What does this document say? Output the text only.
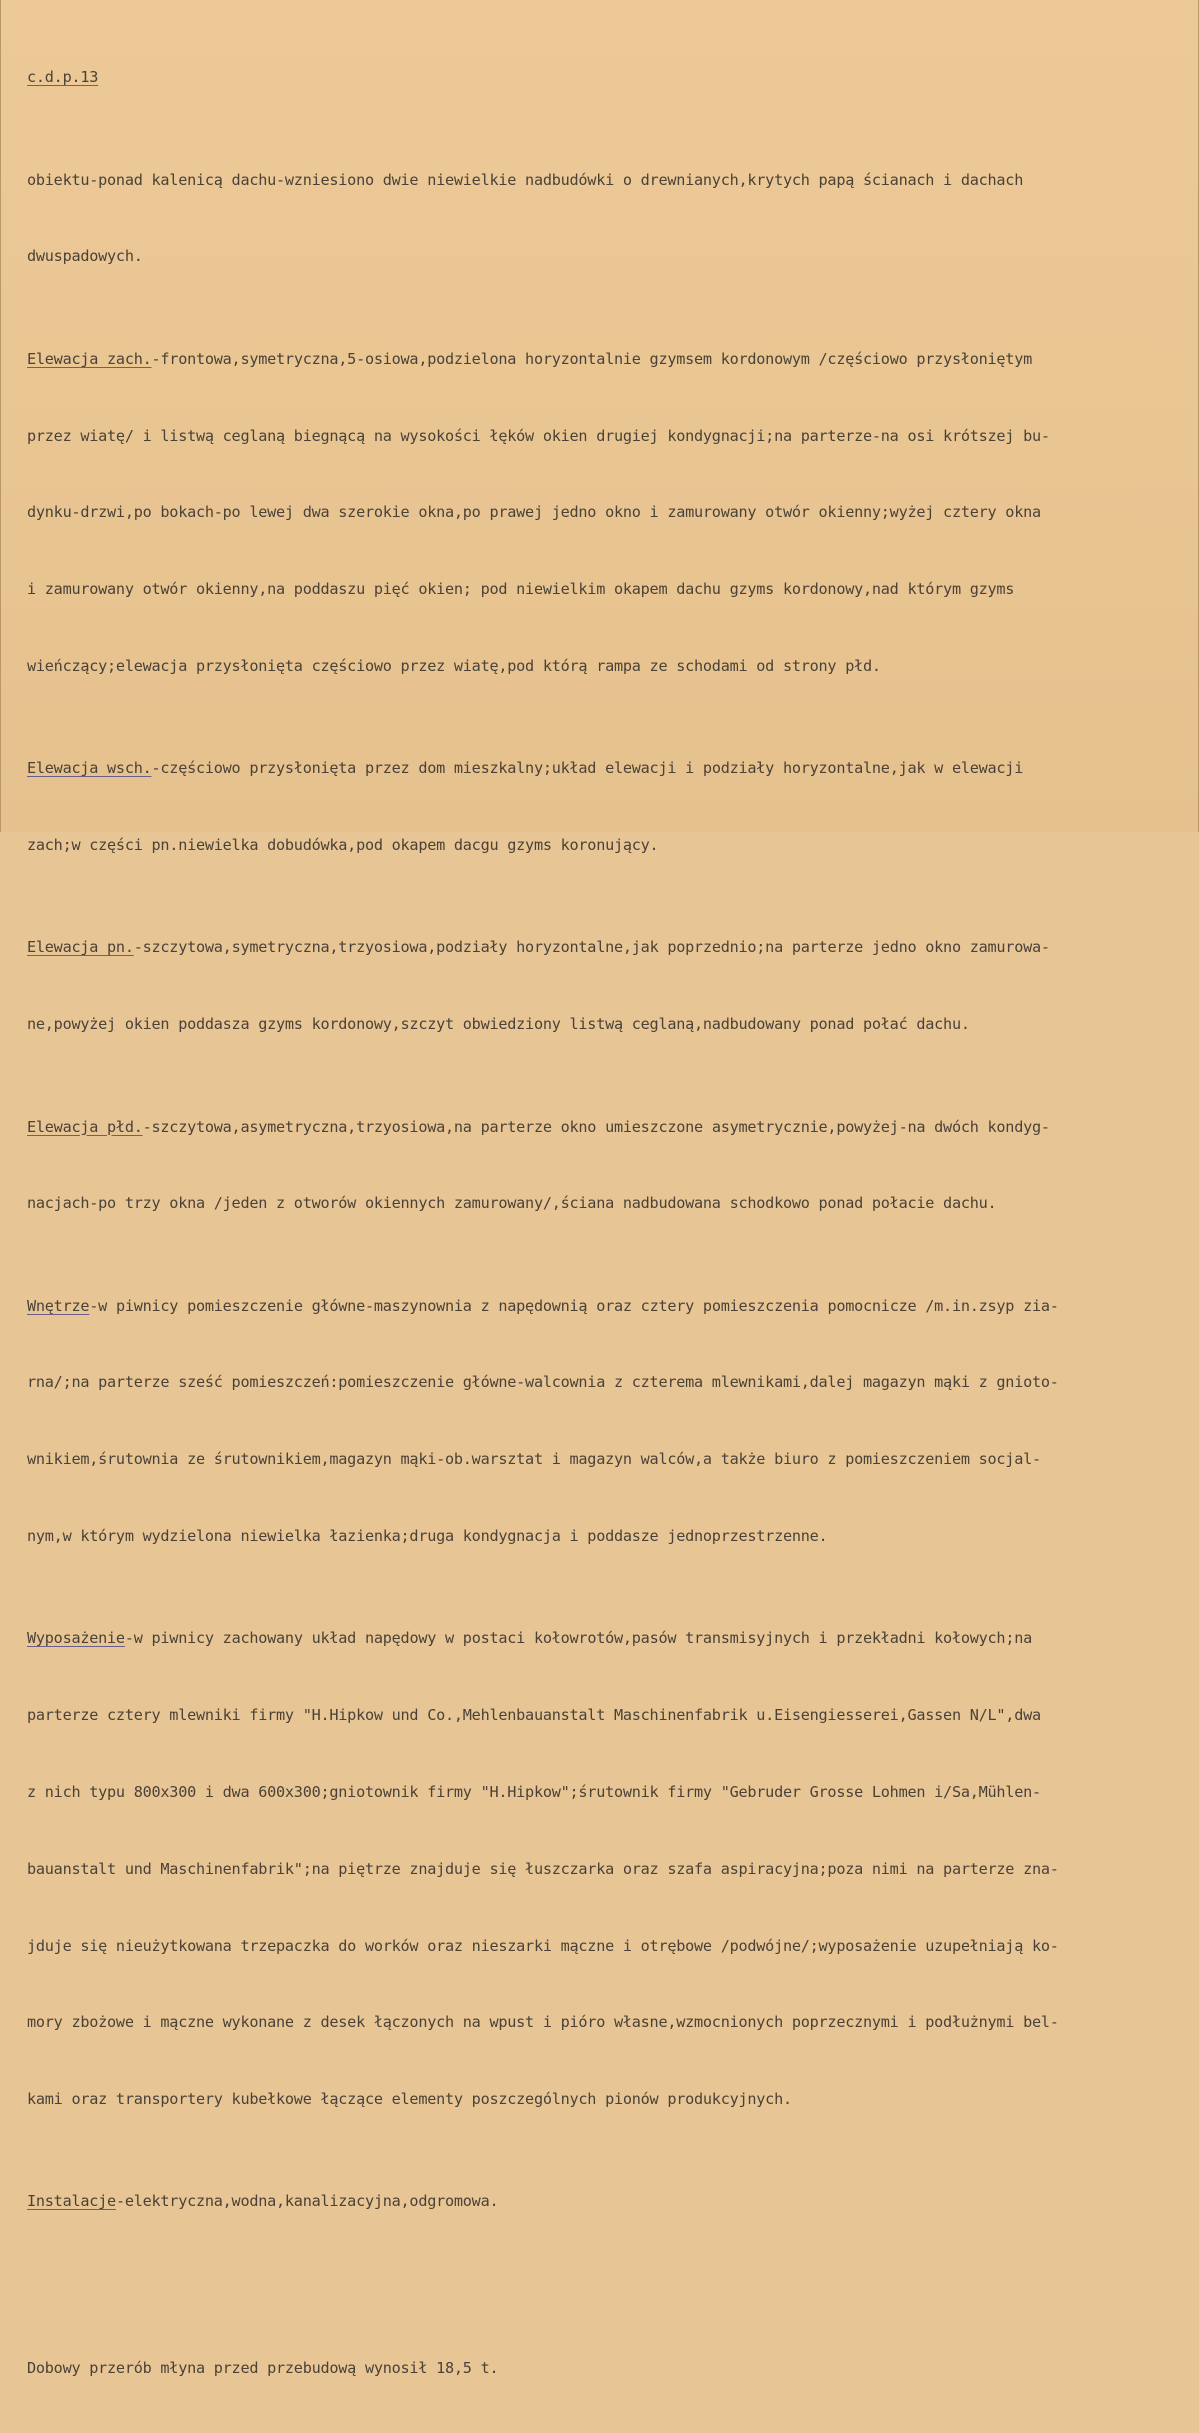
c.d.p.13

obiektu-ponad kalenicą dachu-wzniesiono dwie niewielkie nadbudówki o drewnianych,krytych papą ścianach i dachach

dwuspadowych.

Elewacja zach.-frontowa,symetryczna,5-osiowa,podzielona horyzontalnie gzymsem kordonowym /częściowo przysłoniętym

przez wiatę/ i listwą ceglaną biegnącą na wysokości łęków okien drugiej kondygnacji;na parterze-na osi krótszej bu-

dynku-drzwi,po bokach-po lewej dwa szerokie okna,po prawej jedno okno i zamurowany otwór okienny;wyżej cztery okna

i zamurowany otwór okienny,na poddaszu pięć okien; pod niewielkim okapem dachu gzyms kordonowy,nad którym gzyms

wieńczący;elewacja przysłonięta częściowo przez wiatę,pod którą rampa ze schodami od strony płd.

Elewacja wsch.-częściowo przysłonięta przez dom mieszkalny;układ elewacji i podziały horyzontalne,jak w elewacji

zach;w części pn.niewielka dobudówka,pod okapem dacgu gzyms koronujący.

Elewacja pn.-szczytowa,symetryczna,trzyosiowa,podziały horyzontalne,jak poprzednio;na parterze jedno okno zamurowa-

ne,powyżej okien poddasza gzyms kordonowy,szczyt obwiedziony listwą ceglaną,nadbudowany ponad połać dachu.

Elewacja płd.-szczytowa,asymetryczna,trzyosiowa,na parterze okno umieszczone asymetrycznie,powyżej-na dwóch kondyg-

nacjach-po trzy okna /jeden z otworów okiennych zamurowany/,ściana nadbudowana schodkowo ponad połacie dachu.

Wnętrze-w piwnicy pomieszczenie główne-maszynownia z napędownią oraz cztery pomieszczenia pomocnicze /m.in.zsyp zia-

rna/;na parterze sześć pomieszczeń:pomieszczenie główne-walcownia z czterema mlewnikami,dalej magazyn mąki z gnioto-

wnikiem,śrutownia ze śrutownikiem,magazyn mąki-ob.warsztat i magazyn walców,a także biuro z pomieszczeniem socjal-

nym,w którym wydzielona niewielka łazienka;druga kondygnacja i poddasze jednoprzestrzenne.

Wyposażenie-w piwnicy zachowany układ napędowy w postaci kołowrotów,pasów transmisyjnych i przekładni kołowych;na

parterze cztery mlewniki firmy "H.Hipkow und Co.,Mehlenbauanstalt Maschinenfabrik u.Eisengiesserei,Gassen N/L",dwa

z nich typu 800x300 i dwa 600x300;gniotownik firmy "H.Hipkow";śrutownik firmy "Gebruder Grosse Lohmen i/Sa,Mühlen-

bauanstalt und Maschinenfabrik";na piętrze znajduje się łuszczarka oraz szafa aspiracyjna;poza nimi na parterze zna-

jduje się nieużytkowana trzepaczka do worków oraz nieszarki mączne i otrębowe /podwójne/;wyposażenie uzupełniają ko-

mory zbożowe i mączne wykonane z desek łączonych na wpust i pióro własne,wzmocnionych poprzecznymi i podłużnymi bel-

kami oraz transportery kubełkowe łączące elementy poszczególnych pionów produkcyjnych.

Instalacje-elektryczna,wodna,kanalizacyjna,odgromowa.

Dobowy przerób młyna przed przebudową wynosił 18,5 t.
